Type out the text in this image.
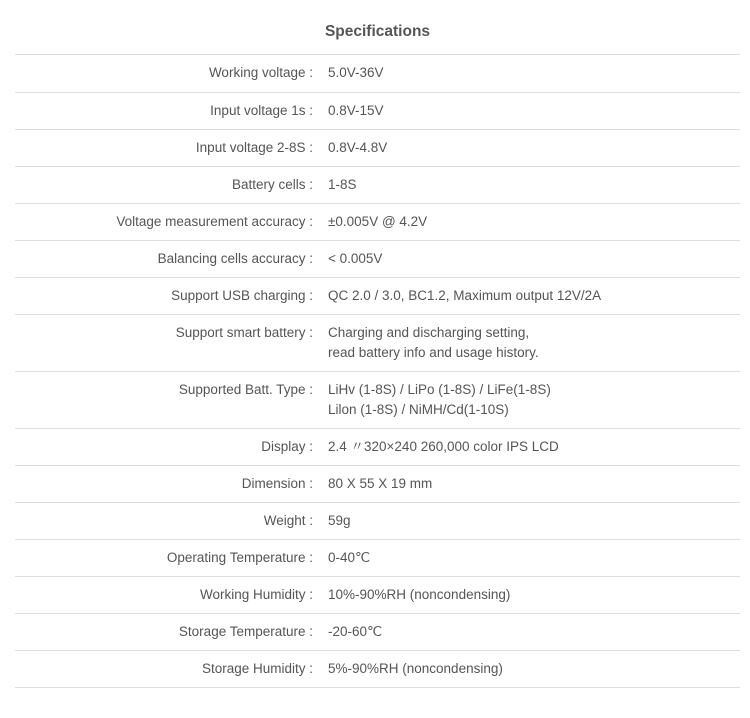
Specifications
Working voltage :	5.0V-36V

Input voltage 1s :	0.8V-15V

Input voltage 2-8S :	0.8V-4.8V

Battery cells :	1-8S

Voltage measurement accuracy :	±0.005V @ 4.2V

Balancing cells accuracy :	< 0.005V

Support USB charging :	QC 2.0 / 3.0, BC1.2, Maximum output 12V/2A

Support smart battery :	Charging and discharging setting,
read battery info and usage history.

Supported Batt. Type :	LiHv (1-8S) / LiPo (1-8S) / LiFe(1-8S)
Lilon (1-8S) / NiMH/Cd(1-10S)

Display :	2.4 〃320×240 260,000 color IPS LCD

Dimension :	80 X 55 X 19 mm

Weight :	59g

Operating Temperature :	0-40℃

Working Humidity :	10%-90%RH (noncondensing)

Storage Temperature :	-20-60℃

Storage Humidity :	5%-90%RH (noncondensing)
